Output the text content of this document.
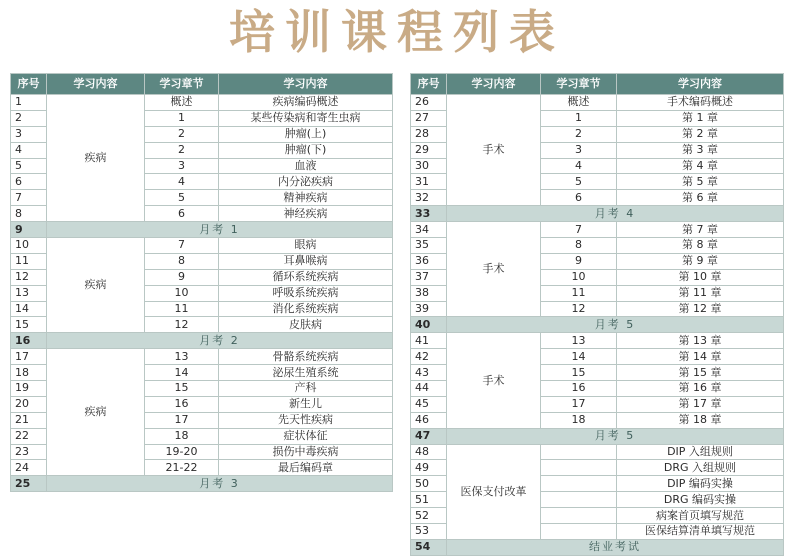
培训课程列表
序号	学习内容	学习章节	学习内容
1	疾病	概述	疾病编码概述
2		1	某些传染病和寄生虫病
3		2	肿瘤(上)
4		2	肿瘤(下)
5		3	血液
6		4	内分泌疾病
7		5	精神疾病
8		6	神经疾病
9	月考 1		
10	疾病	7	眼病
11		8	耳鼻喉病
12		9	循环系统疾病
13		10	呼吸系统疾病
14		11	消化系统疾病
15		12	皮肤病
16	月考 2		
17	疾病	13	骨骼系统疾病
18		14	泌尿生殖系统
19		15	产科
20		16	新生儿
21		17	先天性疾病
22		18	症状体征
23		19-20	损伤中毒疾病
24		21-22	最后编码章
25	月考 3		
序号	学习内容	学习章节	学习内容
26	手术	概述	手术编码概述
27		1	第 1 章
28		2	第 2 章
29		3	第 3 章
30		4	第 4 章
31		5	第 5 章
32		6	第 6 章
33	月考 4		
34	手术	7	第 7 章
35		8	第 8 章
36		9	第 9 章
37		10	第 10 章
38		11	第 11 章
39		12	第 12 章
40	月考 5		
41	手术	13	第 13 章
42		14	第 14 章
43		15	第 15 章
44		16	第 16 章
45		17	第 17 章
46		18	第 18 章
47	月考 5		
48	医保支付改革		DIP 入组规则
49			DRG 入组规则
50			DIP 编码实操
51			DRG 编码实操
52			病案首页填写规范
53			医保结算清单填写规范
54	结业考试		
